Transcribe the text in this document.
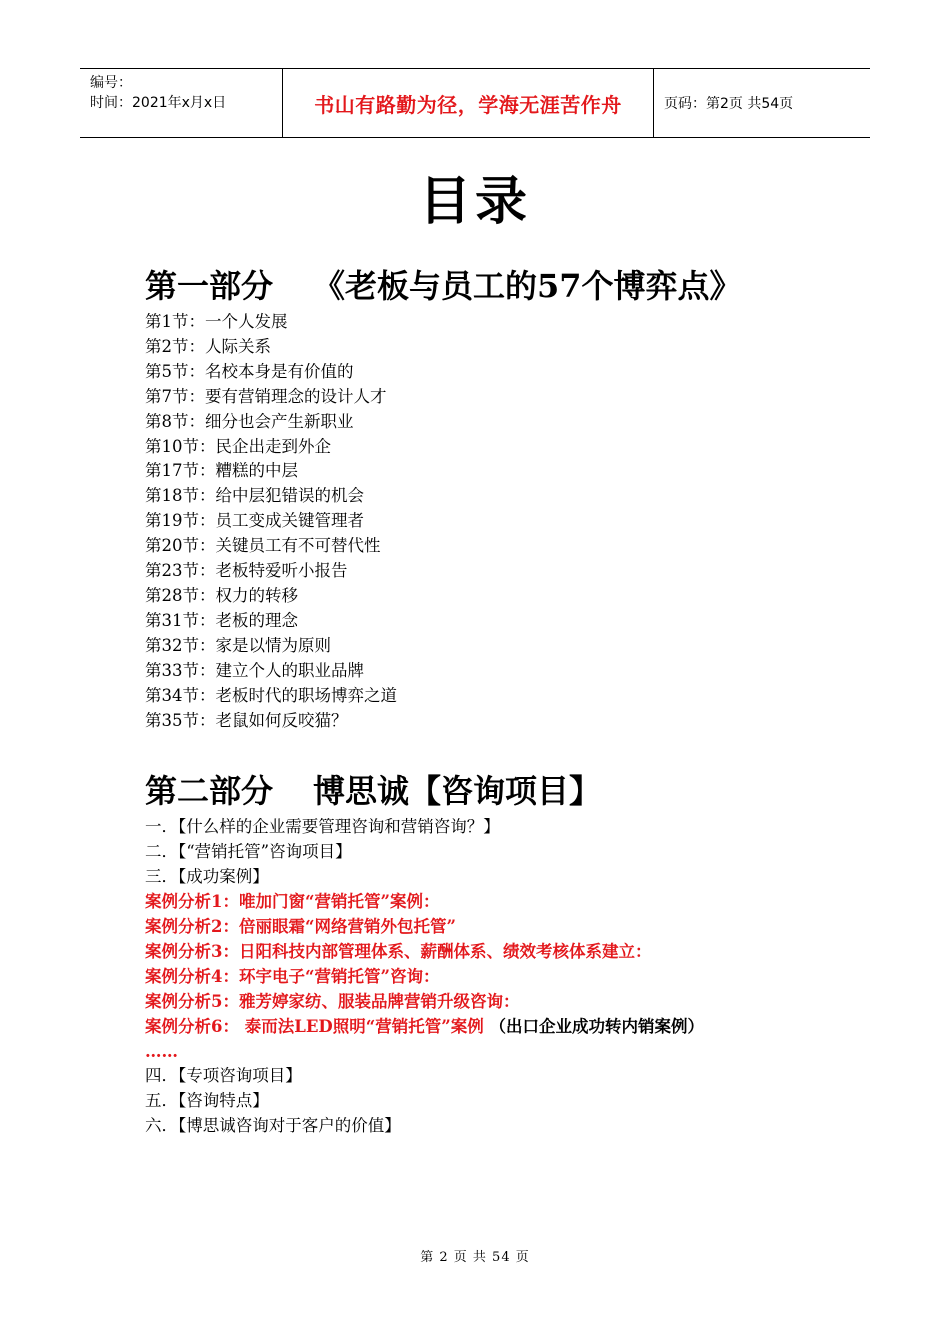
编号：
时间：2021年x月x日	书山有路勤为径，学海无涯苦作舟	页码：第2页 共54页
目录

第一部分 《老板与员工的57个博弈点》

第1节：一个人发展

第2节：人际关系

第5节：名校本身是有价值的

第7节：要有营销理念的设计人才

第8节：细分也会产生新职业

第10节：民企出走到外企

第17节：糟糕的中层

第18节：给中层犯错误的机会

第19节：员工变成关键管理者

第20节：关键员工有不可替代性

第23节：老板特爱听小报告

第28节：权力的转移

第31节：老板的理念

第32节：家是以情为原则

第33节：建立个人的职业品牌

第34节：老板时代的职场博弈之道

第35节：老鼠如何反咬猫？

第二部分 博思诚【咨询项目】

一．【什么样的企业需要管理咨询和营销咨询？】

二．【“营销托管”咨询项目】

三．【成功案例】

案例分析1：唯加门窗“营销托管”案例：

案例分析2：倍丽眼霜“网络营销外包托管”

案例分析3：日阳科技内部管理体系、薪酬体系、绩效考核体系建立：

案例分析4：环宇电子“营销托管”咨询：

案例分析5：雅芳婷家纺、服装品牌营销升级咨询：

案例分析6： 泰而法LED照明“营销托管”案例 （出口企业成功转内销案例）

……

四．【专项咨询项目】

五．【咨询特点】

六．【博思诚咨询对于客户的价值】

第 2 页 共 54 页
